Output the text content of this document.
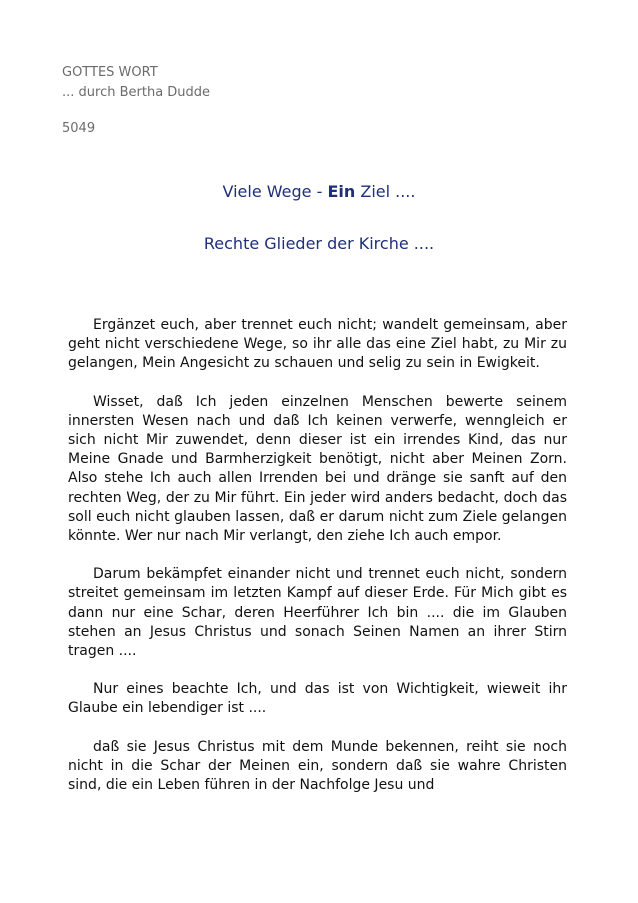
GOTTES WORT
... durch Bertha Dudde
5049
Viele Wege - Ein Ziel ....
Rechte Glieder der Kirche ....

Ergänzet euch, aber trennet euch nicht; wandelt gemeinsam, aber geht nicht verschiedene Wege, so ihr alle das eine Ziel habt, zu Mir zu gelangen, Mein Angesicht zu schauen und selig zu sein in Ewigkeit.

Wisset, daß Ich jeden einzelnen Menschen bewerte seinem innersten Wesen nach und daß Ich keinen verwerfe, wenngleich er sich nicht Mir zuwendet, denn dieser ist ein irrendes Kind, das nur Meine Gnade und Barmherzigkeit benötigt, nicht aber Meinen Zorn. Also stehe Ich auch allen Irrenden bei und dränge sie sanft auf den rechten Weg, der zu Mir führt. Ein jeder wird anders bedacht, doch das soll euch nicht glauben lassen, daß er darum nicht zum Ziele gelangen könnte. Wer nur nach Mir verlangt, den ziehe Ich auch empor.

Darum bekämpfet einander nicht und trennet euch nicht, sondern streitet gemeinsam im letzten Kampf auf dieser Erde. Für Mich gibt es dann nur eine Schar, deren Heerführer Ich bin .... die im Glauben stehen an Jesus Christus und sonach Seinen Namen an ihrer Stirn tragen ....

Nur eines beachte Ich, und das ist von Wichtigkeit, wieweit ihr Glaube ein lebendiger ist ....

daß sie Jesus Christus mit dem Munde bekennen, reiht sie noch nicht in die Schar der Meinen ein, sondern daß sie wahre Christen sind, die ein Leben führen in der Nachfolge Jesu und
